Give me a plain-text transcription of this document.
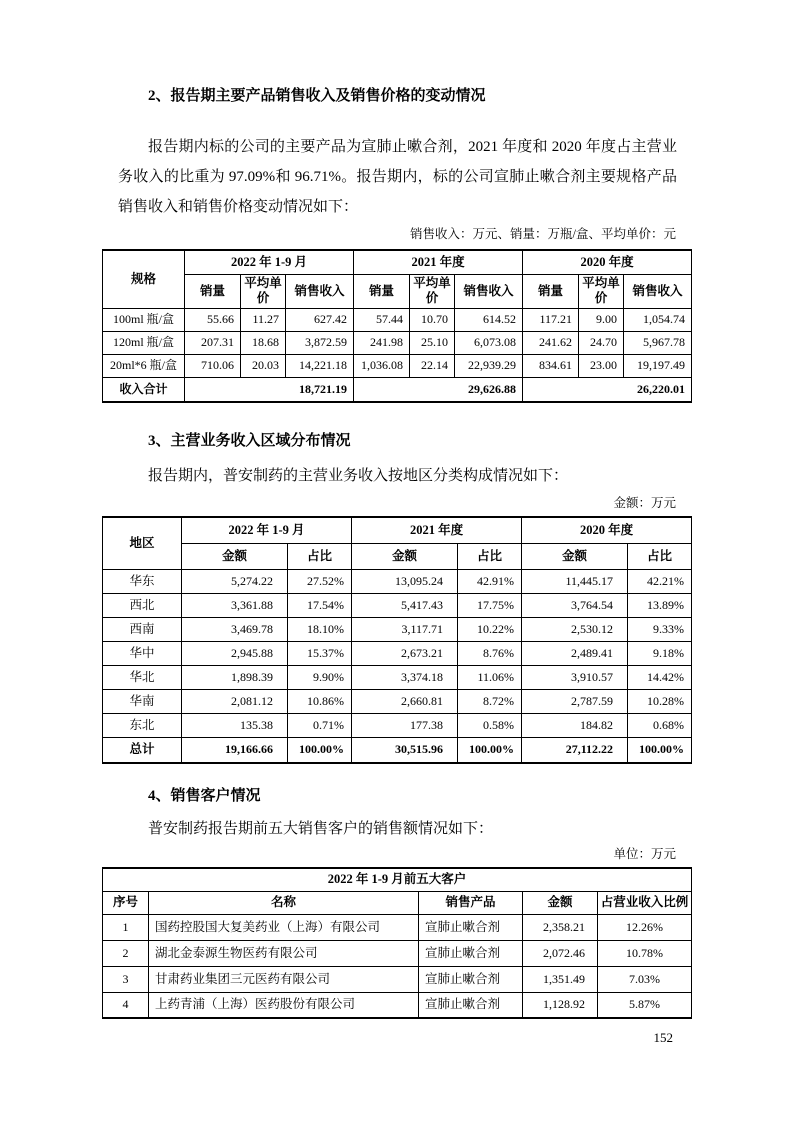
2、报告期主要产品销售收入及销售价格的变动情况

报告期内标的公司的主要产品为宣肺止嗽合剂，2021 年度和 2020 年度占主营业务收入的比重为 97.09%和 96.71%。报告期内，标的公司宣肺止嗽合剂主要规格产品销售收入和销售价格变动情况如下：

销售收入：万元、销量：万瓶/盒、平均单价：元
规格	2022 年 1-9 月			2021 年度			2020 年度		
	销量	平均单价	销售收入	销量	平均单价	销售收入	销量	平均单价	销售收入
100ml 瓶/盒	55.66	11.27	627.42	57.44	10.70	614.52	117.21	9.00	1,054.74
120ml 瓶/盒	207.31	18.68	3,872.59	241.98	25.10	6,073.08	241.62	24.70	5,967.78
20ml*6 瓶/盒	710.06	20.03	14,221.18	1,036.08	22.14	22,939.29	834.61	23.00	19,197.49
收入合计	18,721.19			29,626.88			26,220.01		
3、主营业务收入区域分布情况

报告期内，普安制药的主营业务收入按地区分类构成情况如下：

金额：万元
地区	2022 年 1-9 月		2021 年度		2020 年度	
	金额	占比	金额	占比	金额	占比
华东	5,274.22	27.52%	13,095.24	42.91%	11,445.17	42.21%
西北	3,361.88	17.54%	5,417.43	17.75%	3,764.54	13.89%
西南	3,469.78	18.10%	3,117.71	10.22%	2,530.12	9.33%
华中	2,945.88	15.37%	2,673.21	8.76%	2,489.41	9.18%
华北	1,898.39	9.90%	3,374.18	11.06%	3,910.57	14.42%
华南	2,081.12	10.86%	2,660.81	8.72%	2,787.59	10.28%
东北	135.38	0.71%	177.38	0.58%	184.82	0.68%
总计	19,166.66	100.00%	30,515.96	100.00%	27,112.22	100.00%
4、销售客户情况

普安制药报告期前五大销售客户的销售额情况如下：

单位：万元
2022 年 1-9 月前五大客户				
序号	名称	销售产品	金额	占营业收入比例
1	国药控股国大复美药业（上海）有限公司	宣肺止嗽合剂	2,358.21	12.26%
2	湖北金泰源生物医药有限公司	宣肺止嗽合剂	2,072.46	10.78%
3	甘肃药业集团三元医药有限公司	宣肺止嗽合剂	1,351.49	7.03%
4	上药青浦（上海）医药股份有限公司	宣肺止嗽合剂	1,128.92	5.87%
152
